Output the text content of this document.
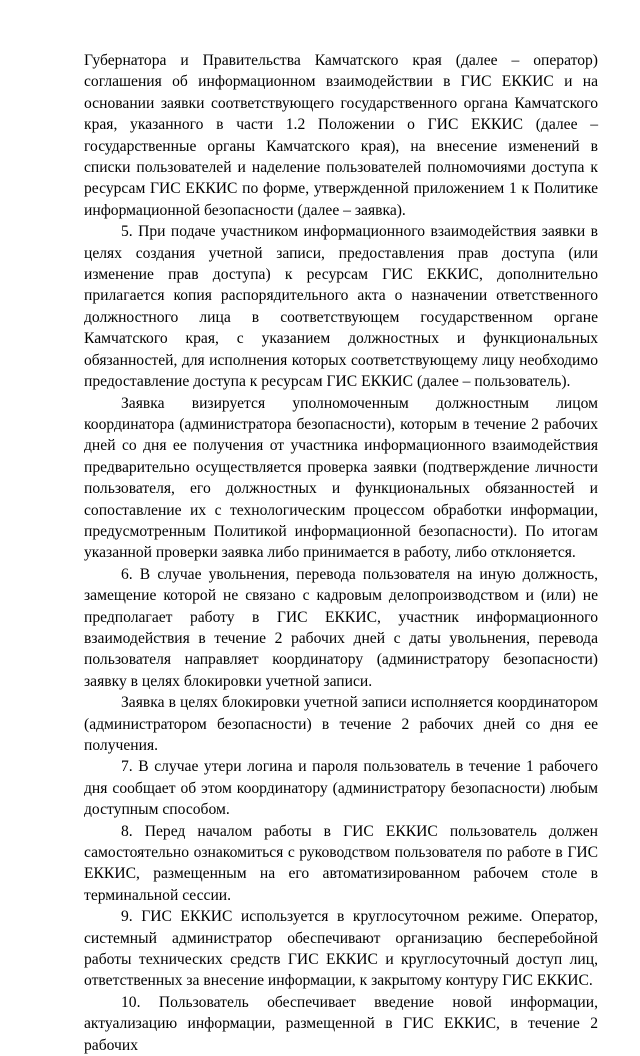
Губернатора и Правительства Камчатского края (далее – оператор) соглашения об информационном взаимодействии в ГИС ЕККИС и на основании заявки соответствующего государственного органа Камчатского края, указанного в части 1.2 Положении о ГИС ЕККИС (далее – государственные органы Камчатского края), на внесение изменений в списки пользователей и наделение пользователей полномочиями доступа к ресурсам ГИС ЕККИС по форме, утвержденной приложением 1 к Политике информационной безопасности (далее – заявка).

5. При подаче участником информационного взаимодействия заявки в целях создания учетной записи, предоставления прав доступа (или изменение прав доступа) к ресурсам ГИС ЕККИС, дополнительно прилагается копия распорядительного акта о назначении ответственного должностного лица в соответствующем государственном органе Камчатского края, с указанием должностных и функциональных обязанностей, для исполнения которых соответствующему лицу необходимо предоставление доступа к ресурсам ГИС ЕККИС (далее – пользователь).

Заявка визируется уполномоченным должностным лицом координатора (администратора безопасности), которым в течение 2 рабочих дней со дня ее получения от участника информационного взаимодействия предварительно осуществляется проверка заявки (подтверждение личности пользователя, его должностных и функциональных обязанностей и сопоставление их с технологическим процессом обработки информации, предусмотренным Политикой информационной безопасности). По итогам указанной проверки заявка либо принимается в работу, либо отклоняется.

6. В случае увольнения, перевода пользователя на иную должность, замещение которой не связано с кадровым делопроизводством и (или) не предполагает работу в ГИС ЕККИС, участник информационного взаимодействия в течение 2 рабочих дней с даты увольнения, перевода пользователя направляет координатору (администратору безопасности) заявку в целях блокировки учетной записи.

Заявка в целях блокировки учетной записи исполняется координатором (администратором безопасности) в течение 2 рабочих дней со дня ее получения.

7. В случае утери логина и пароля пользователь в течение 1 рабочего дня сообщает об этом координатору (администратору безопасности) любым доступным способом.

8. Перед началом работы в ГИС ЕККИС пользователь должен самостоятельно ознакомиться с руководством пользователя по работе в ГИС ЕККИС, размещенным на его автоматизированном рабочем столе в терминальной сессии.

9. ГИС ЕККИС используется в круглосуточном режиме. Оператор, системный администратор обеспечивают организацию бесперебойной работы технических средств ГИС ЕККИС и круглосуточный доступ лиц, ответственных за внесение информации, к закрытому контуру ГИС ЕККИС.

10. Пользователь обеспечивает введение новой информации, актуализацию информации, размещенной в ГИС ЕККИС, в течение 2 рабочих
